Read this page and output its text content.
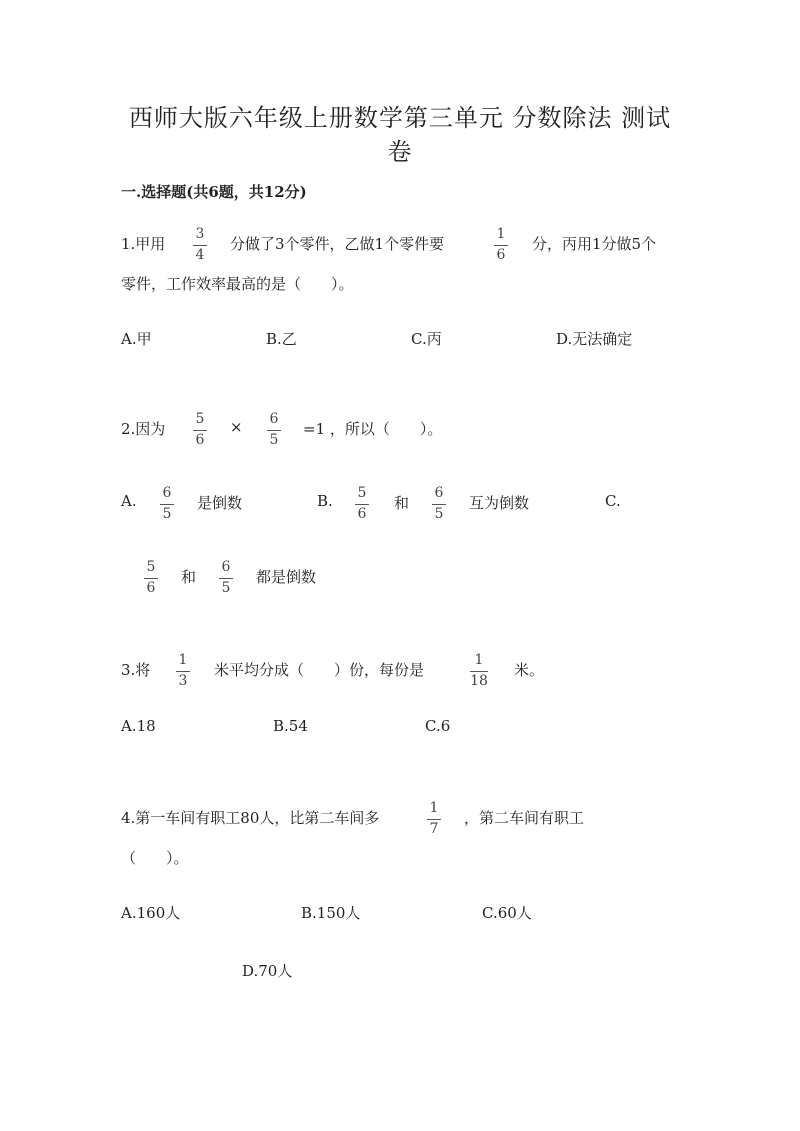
西师大版六年级上册数学第三单元 分数除法 测试
卷
一.选择题(共6题，共12分)
1.甲用
3
4
分做了3个零件，乙做1个零件要
1
6
分，丙用1分做5个
零件，工作效率最高的是（　　）。
A.甲	B.乙	C.丙	D.无法确定
2.因为
5
6
× 6
5
=1 ，所以（　　）。
A. 6
5
是倒数	B. 5
6
和
6
5
互为倒数	C.
5
6
和
6
5
都是倒数
3.将
1
3
米平均分成（　　）份，每份是
1
18
米。
A.18	B.54	C.6
4.第一车间有职工80人，比第二车间多
1
7
，第二车间有职工
（　　）。
A.160人	B.150人	C.60人
D.70人
